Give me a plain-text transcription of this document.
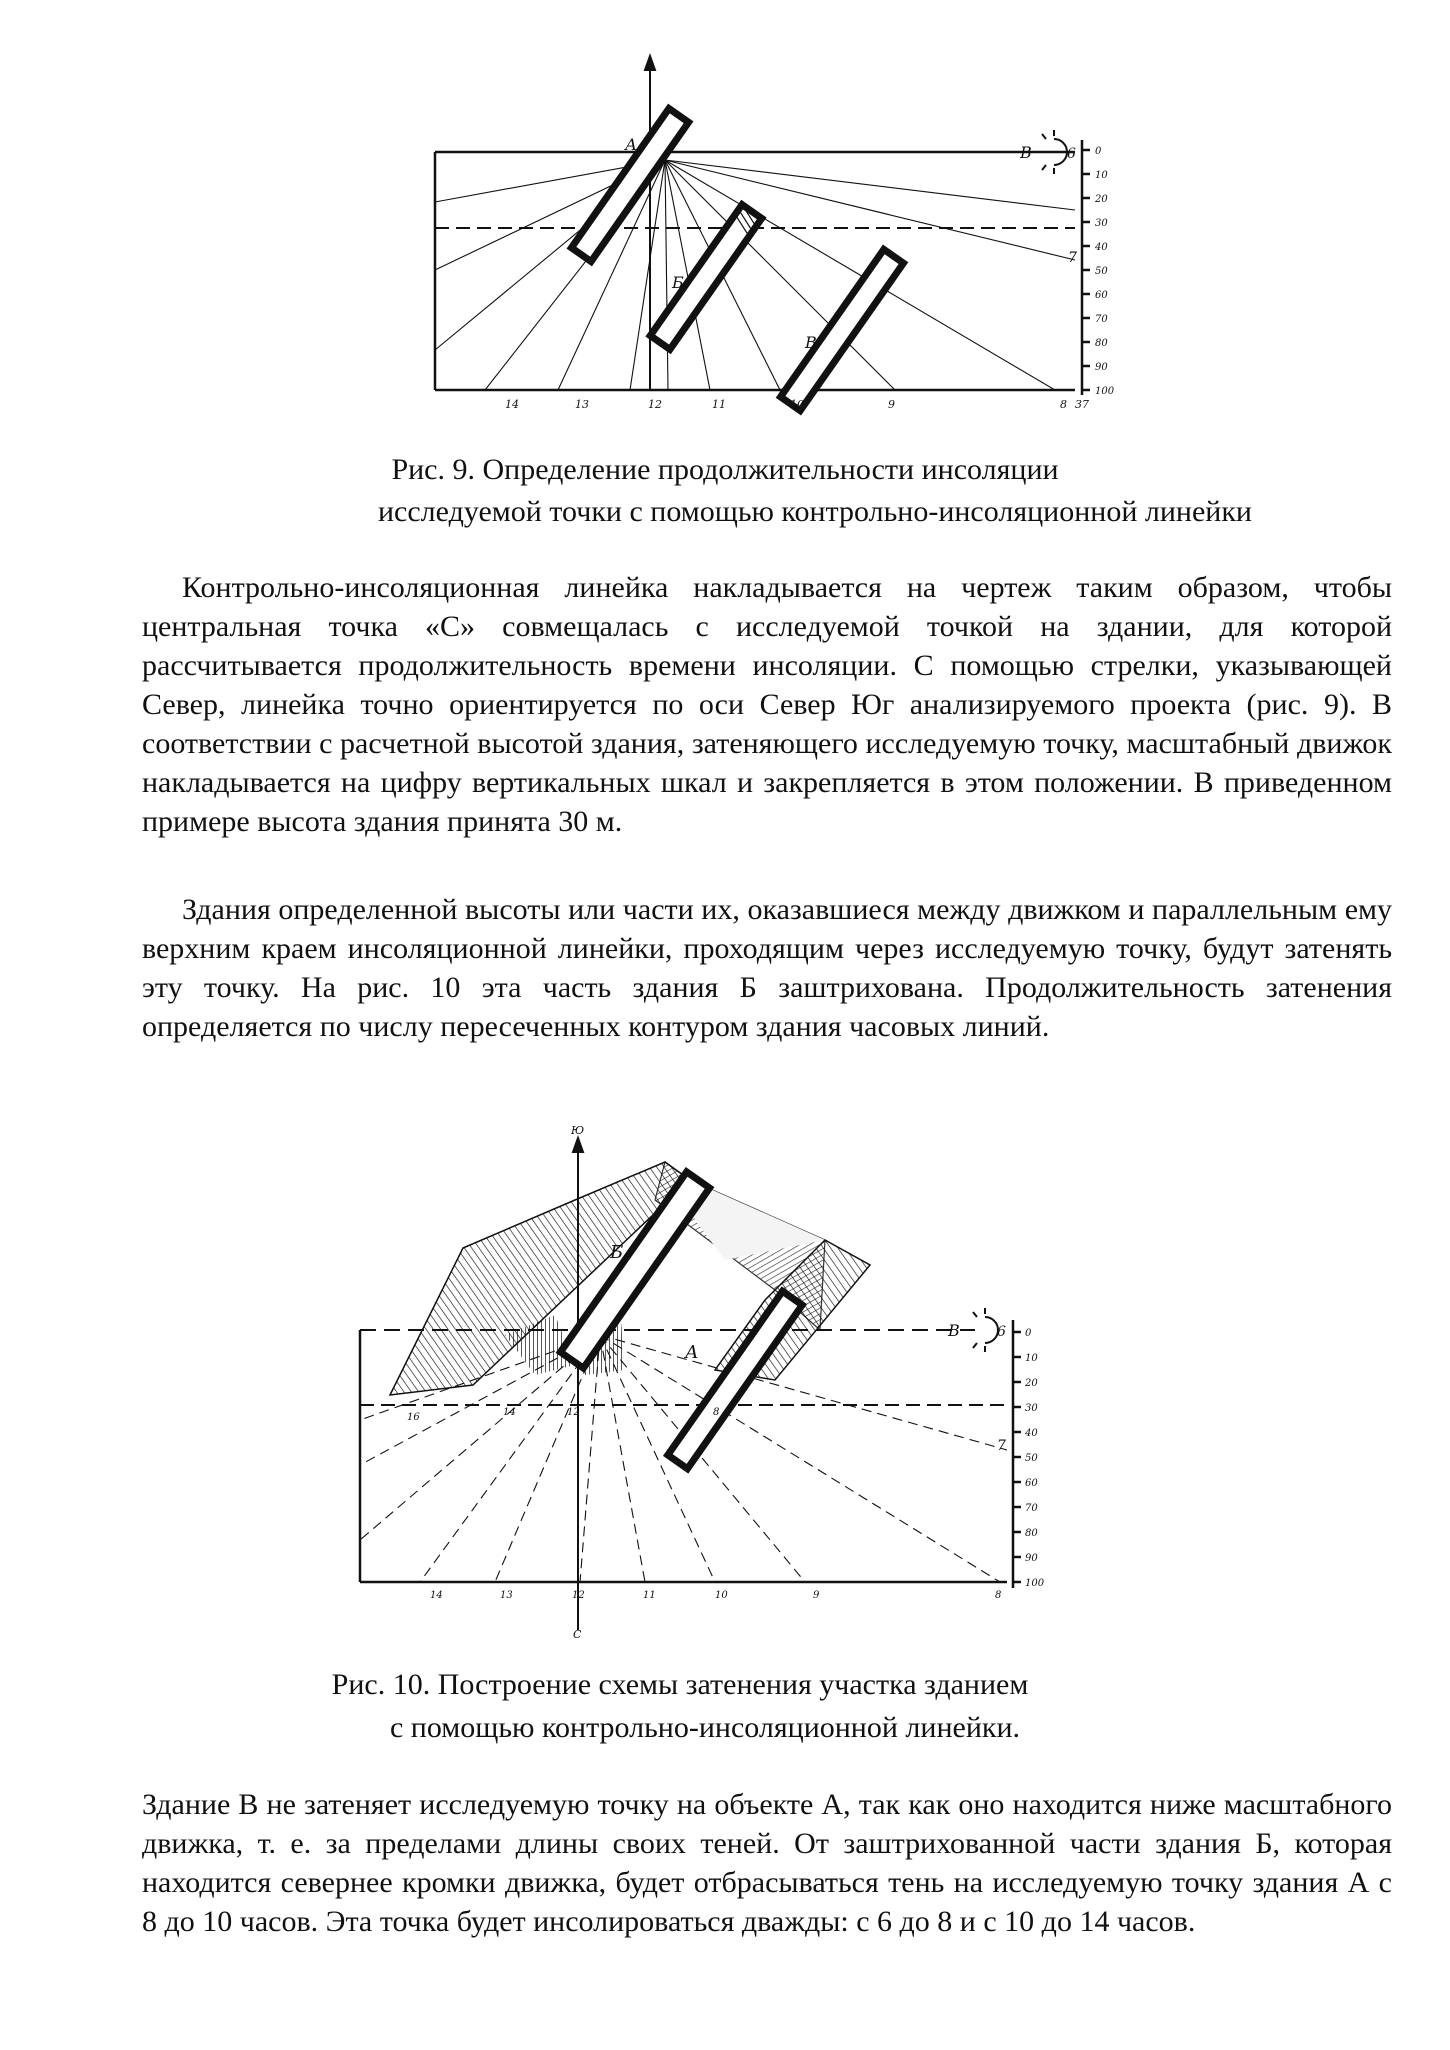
А
Б
В
В	6
7
0
10
20
30
40
50
60
70
80
90
100
14	13	12	11	10	9	8 37
Рис. 9. Определение продолжительности инсоляции
исследуемой точки с помощью контрольно-инсоляционной линейки

Контрольно-инсоляционная линейка накладывается на чертеж таким образом, чтобы центральная точка «С» совмещалась с исследуемой точкой на здании, для которой рассчитывается продолжительность времени инсоляции. С помощью стрелки, указывающей Север, линейка точно ориентируется по оси Север Юг анализируемого проекта (рис. 9). В соответствии с расчетной высотой здания, затеняющего исследуемую точку, масштабный движок накладывается на цифру вертикальных шкал и закрепляется в этом положении. В приведенном примере высота здания принята 30 м.

Здания определенной высоты или части их, оказавшиеся между движком и параллельным ему верхним краем инсоляционной линейки, проходящим через исследуемую точку, будут затенять эту точку. На рис. 10 эта часть здания Б заштрихована. Продолжительность затенения определяется по числу пересеченных контуром здания часовых линий.

Б
А
В
Ю
С
6
7
0
10
20
30
40
50
60
70
80
90
100
16	14	12	8
14	13	12	11	10	9	8
Рис. 10. Построение схемы затенения участка зданием
с помощью контрольно-инсоляционной линейки.

Здание В не затеняет исследуемую точку на объекте А, так как оно находится ниже масштабного движка, т. е. за пределами длины своих теней. От заштрихованной части здания Б, которая находится севернее кромки движка, будет отбрасываться тень на исследуемую точку здания А с 8 до 10 часов. Эта точка будет инсолироваться дважды: с 6 до 8 и с 10 до 14 часов.
